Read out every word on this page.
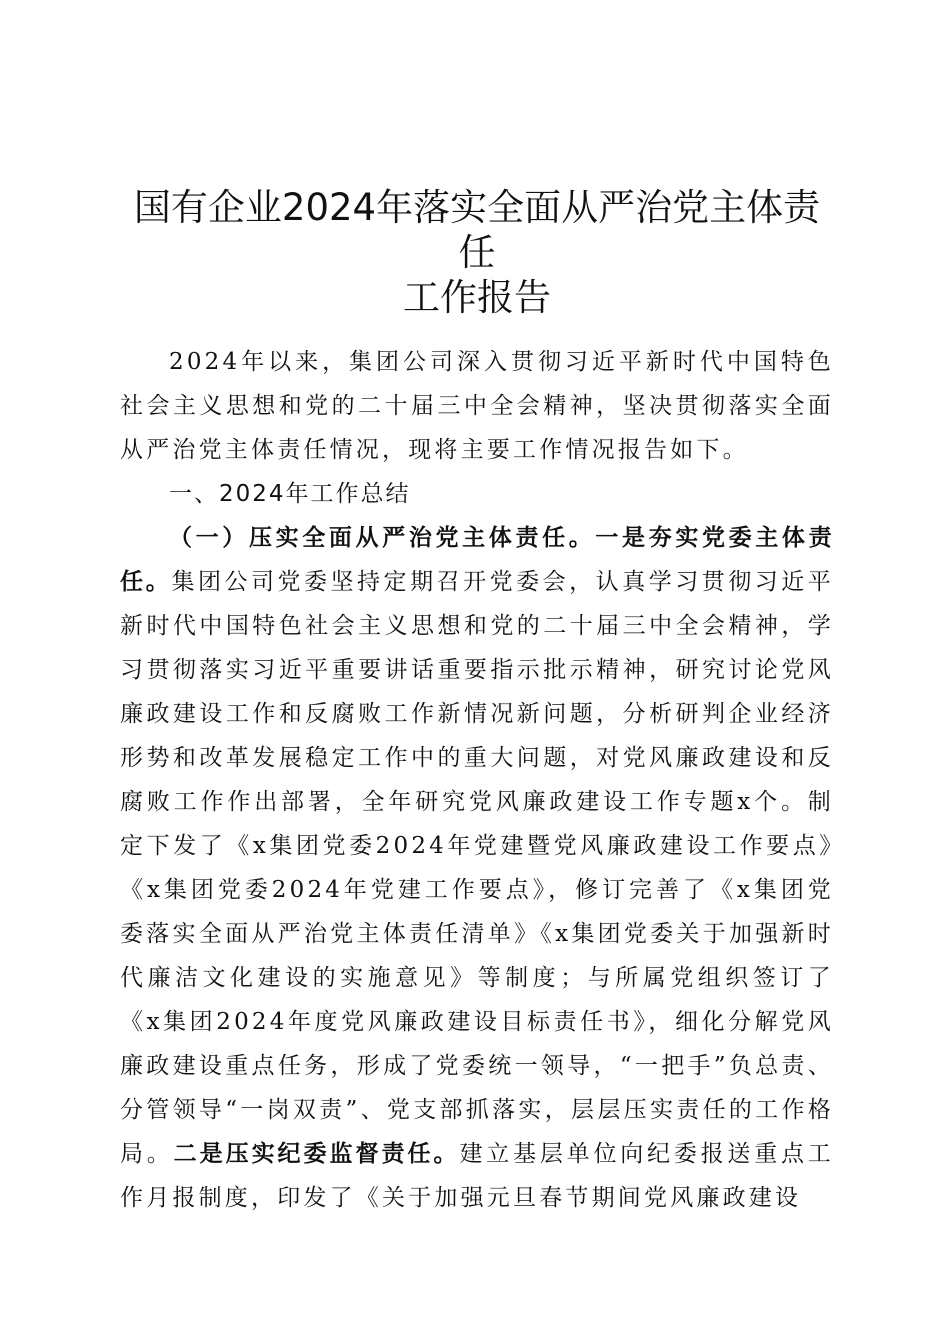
国有企业2024年落实全面从严治党主体责任
工作报告

2024年以来，集团公司深入贯彻习近平新时代中国特色社会主义思想和党的二十届三中全会精神，坚决贯彻落实全面从严治党主体责任情况，现将主要工作情况报告如下。

一、2024年工作总结

（一）压实全面从严治党主体责任。一是夯实党委主体责任。集团公司党委坚持定期召开党委会，认真学习贯彻习近平新时代中国特色社会主义思想和党的二十届三中全会精神，学习贯彻落实习近平重要讲话重要指示批示精神，研究讨论党风廉政建设工作和反腐败工作新情况新问题，分析研判企业经济形势和改革发展稳定工作中的重大问题，对党风廉政建设和反腐败工作作出部署，全年研究党风廉政建设工作专题x个。制定下发了《x集团党委2024年党建暨党风廉政建设工作要点》《x集团党委2024年党建工作要点》，修订完善了《x集团党委落实全面从严治党主体责任清单》《x集团党委关于加强新时代廉洁文化建设的实施意见》等制度；与所属党组织签订了《x集团2024年度党风廉政建设目标责任书》，细化分解党风廉政建设重点任务，形成了党委统一领导，“一把手”负总责、分管领导“一岗双责”、党支部抓落实，层层压实责任的工作格局。二是压实纪委监督责任。建立基层单位向纪委报送重点工作月报制度，印发了《关于加强元旦春节期间党风廉政建设
